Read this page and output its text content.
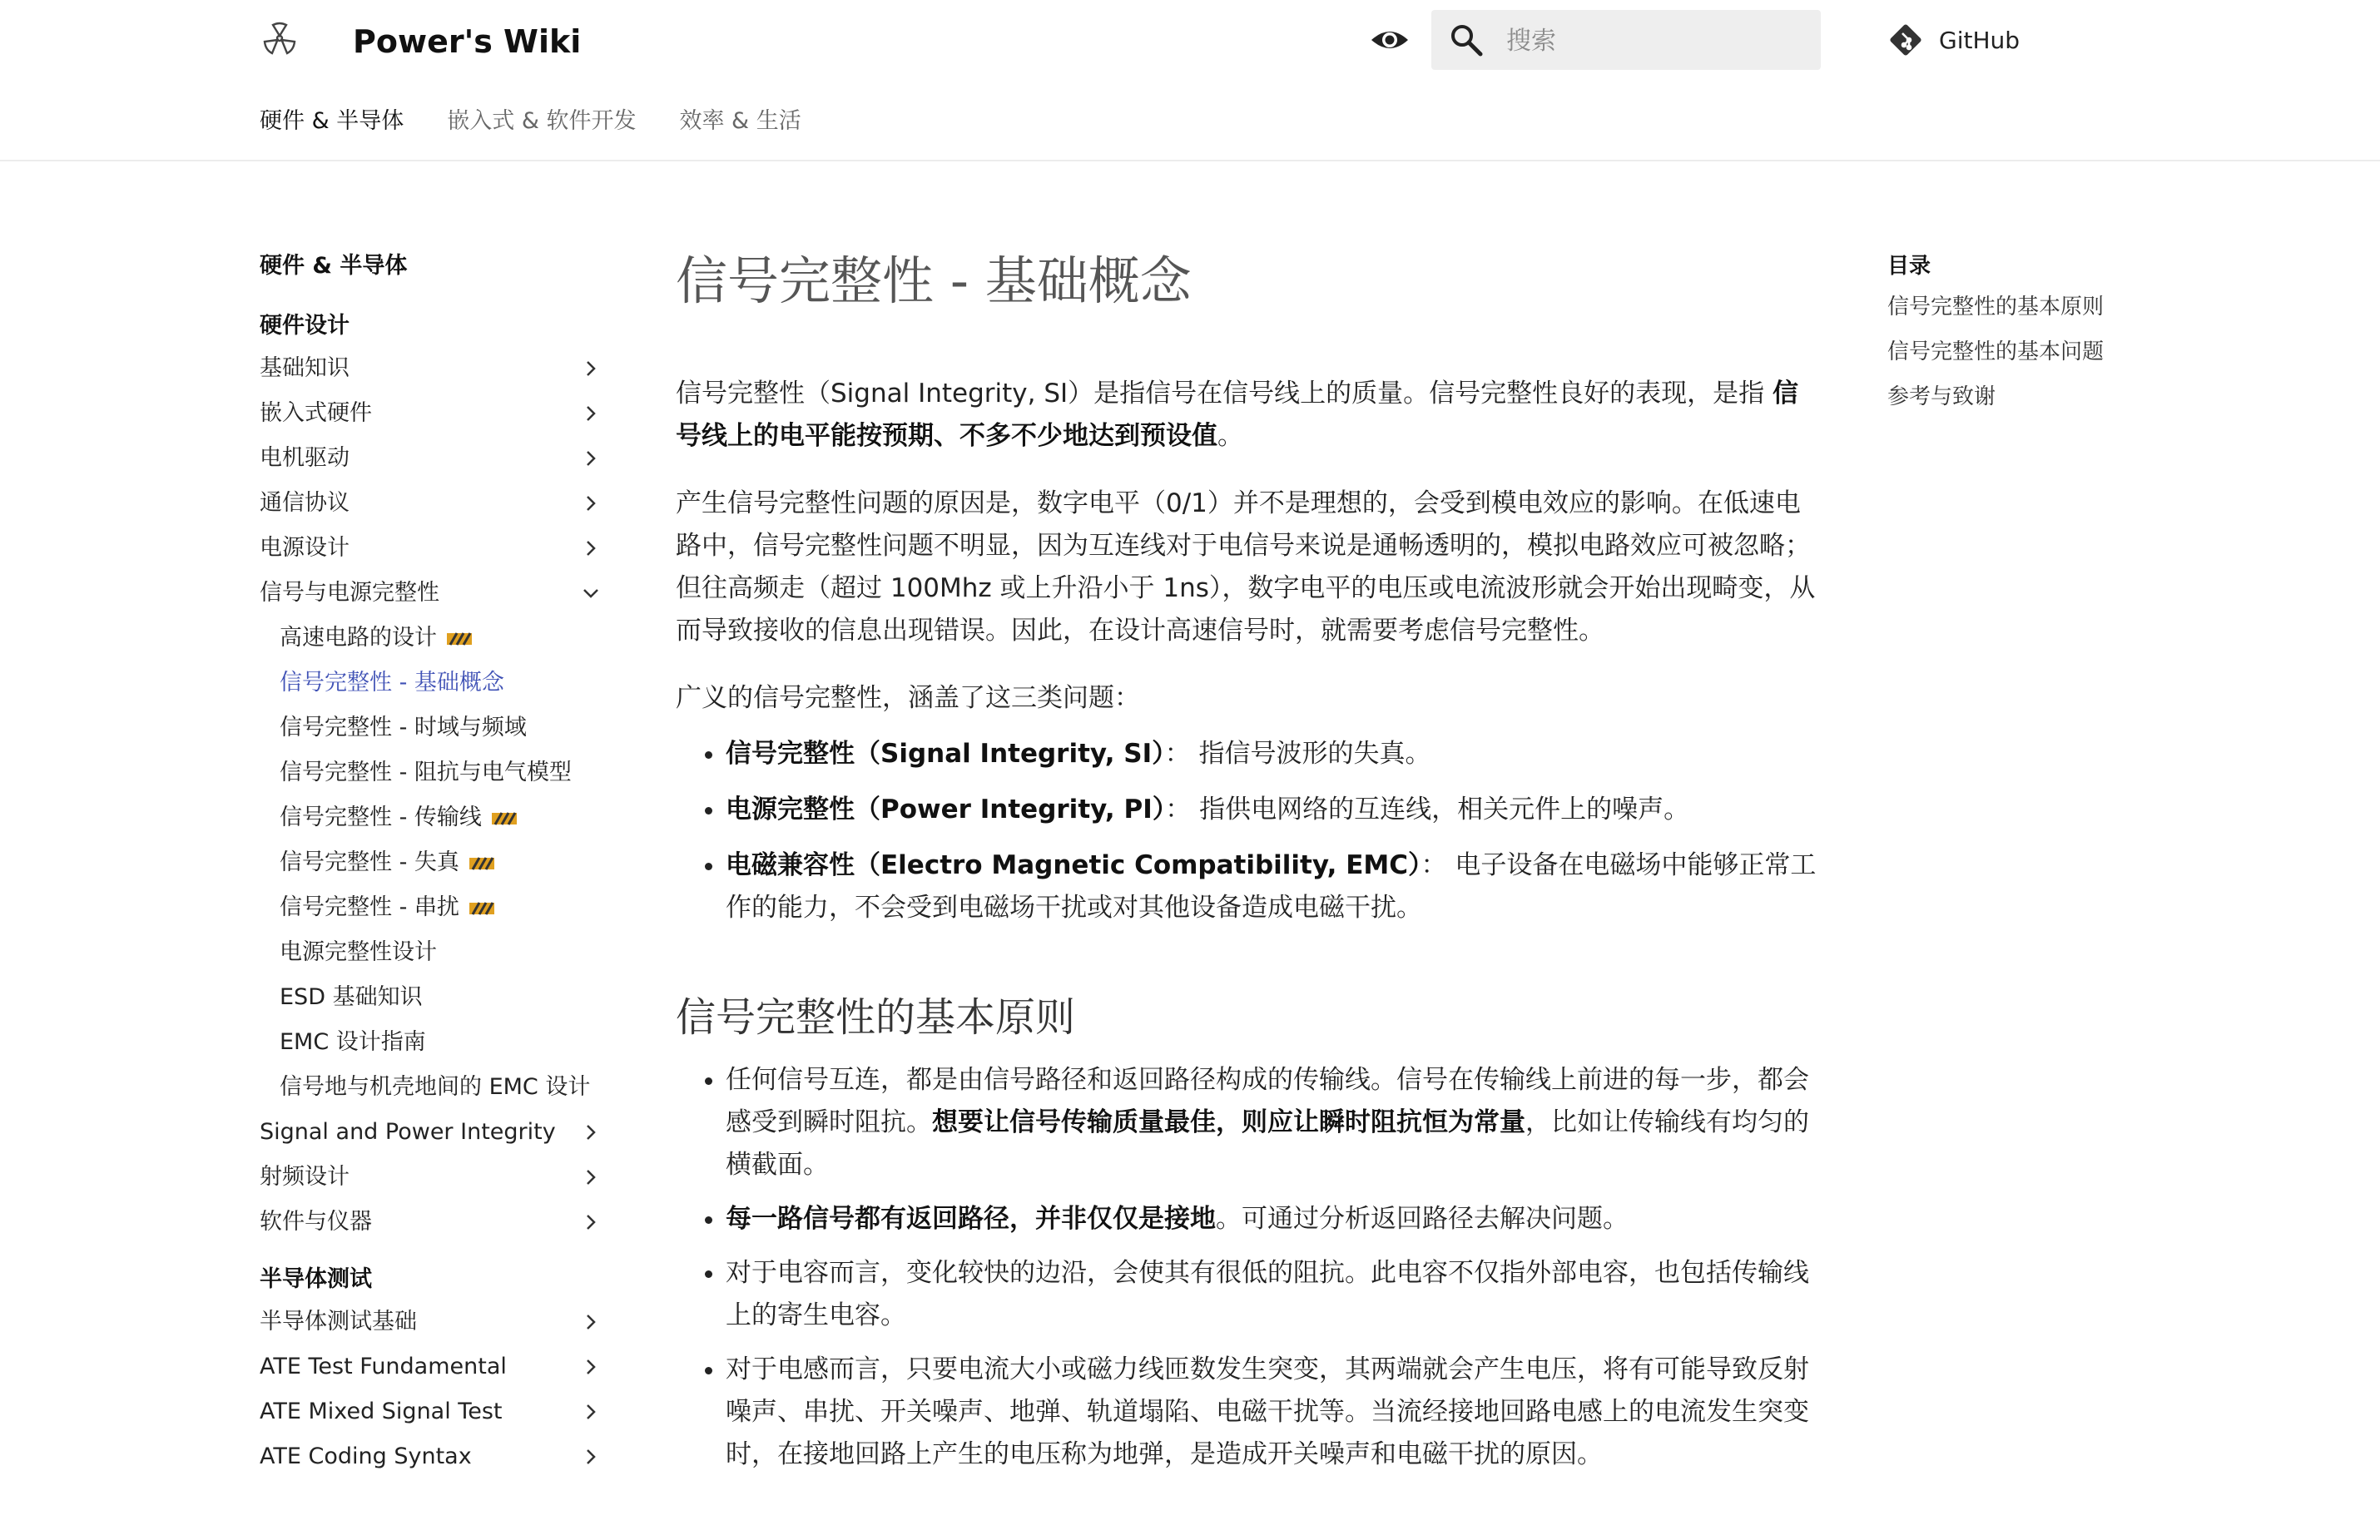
Power's Wiki
搜索	GitHub
硬件 & 半导体 嵌入式 & 软件开发 效率 & 生活
硬件 & 半导体
硬件设计
基础知识
嵌入式硬件
电机驱动
通信协议
电源设计
信号与电源完整性
高速电路的设计
信号完整性 - 基础概念
信号完整性 - 时域与频域
信号完整性 - 阻抗与电气模型
信号完整性 - 传输线
信号完整性 - 失真
信号完整性 - 串扰
电源完整性设计
ESD 基础知识
EMC 设计指南
信号地与机壳地间的 EMC 设计
Signal and Power Integrity
射频设计
软件与仪器
半导体测试
半导体测试基础
ATE Test Fundamental
ATE Mixed Signal Test
ATE Coding Syntax
信号完整性 - 基础概念

信号完整性（Signal Integrity, SI）是指信号在信号线上的质量。信号完整性良好的表现，是指 信号线上的电平能按预期、不多不少地达到预设值。

产生信号完整性问题的原因是，数字电平（0/1）并不是理想的，会受到模电效应的影响。在低速电路中，信号完整性问题不明显，因为互连线对于电信号来说是通畅透明的，模拟电路效应可被忽略；但往高频走（超过 100Mhz 或上升沿小于 1ns），数字电平的电压或电流波形就会开始出现畸变，从而导致接收的信息出现错误。因此，在设计高速信号时，就需要考虑信号完整性。

广义的信号完整性，涵盖了这三类问题：

• 信号完整性（Signal Integrity, SI）： 指信号波形的失真。
• 电源完整性（Power Integrity, PI）： 指供电网络的互连线，相关元件上的噪声。
• 电磁兼容性（Electro Magnetic Compatibility, EMC）： 电子设备在电磁场中能够正常工作的能力，不会受到电磁场干扰或对其他设备造成电磁干扰。
信号完整性的基本原则
• 任何信号互连，都是由信号路径和返回路径构成的传输线。信号在传输线上前进的每一步，都会感受到瞬时阻抗。想要让信号传输质量最佳，则应让瞬时阻抗恒为常量，比如让传输线有均匀的横截面。
• 每一路信号都有返回路径，并非仅仅是接地。可通过分析返回路径去解决问题。
• 对于电容而言，变化较快的边沿，会使其有很低的阻抗。此电容不仅指外部电容，也包括传输线上的寄生电容。
• 对于电感而言，只要电流大小或磁力线匝数发生突变，其两端就会产生电压，将有可能导致反射噪声、串扰、开关噪声、地弹、轨道塌陷、电磁干扰等。当流经接地回路电感上的电流发生突变时，在接地回路上产生的电压称为地弹，是造成开关噪声和电磁干扰的原因。
目录
信号完整性的基本原则
信号完整性的基本问题
参考与致谢
